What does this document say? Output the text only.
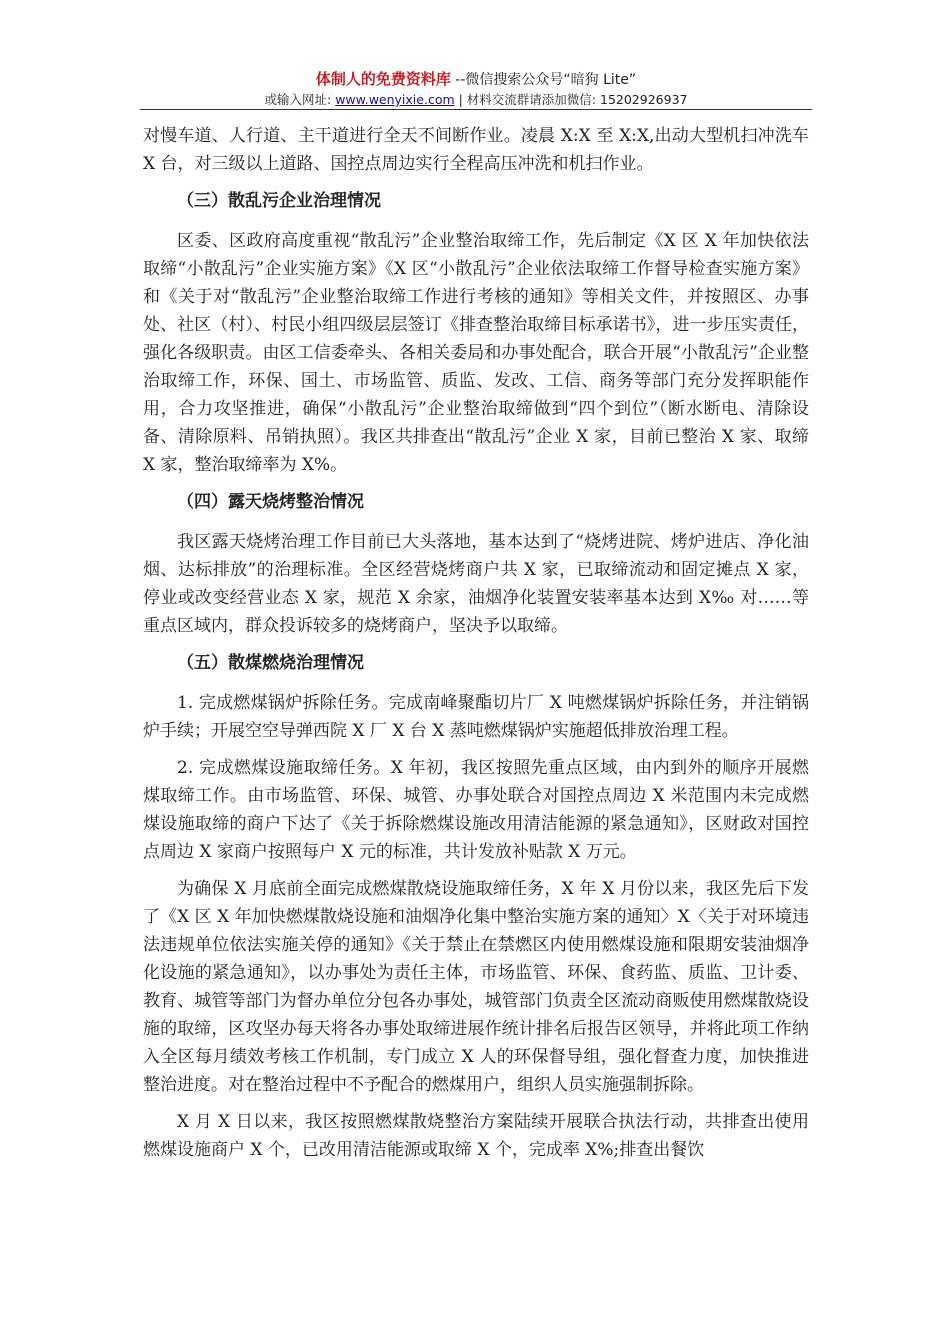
体制人的免费资料库 --微信搜索公众号“暗狗 Lite”
或输入网址: www.wenyixie.com | 材料交流群请添加微信: 15202926937

对慢车道、人行道、主干道进行全天不间断作业。凌晨 X:X 至 X:X,出动大型机扫冲洗车 X 台，对三级以上道路、国控点周边实行全程高压冲洗和机扫作业。

（三）散乱污企业治理情况

区委、区政府高度重视“散乱污”企业整治取缔工作，先后制定《X 区 X 年加快依法取缔“小散乱污”企业实施方案》《X 区“小散乱污”企业依法取缔工作督导检查实施方案》和《关于对“散乱污”企业整治取缔工作进行考核的通知》等相关文件，并按照区、办事处、社区（村）、村民小组四级层层签订《排查整治取缔目标承诺书》，进一步压实责任，强化各级职责。由区工信委牵头、各相关委局和办事处配合，联合开展“小散乱污”企业整治取缔工作，环保、国土、市场监管、质监、发改、工信、商务等部门充分发挥职能作用，合力攻坚推进，确保“小散乱污”企业整治取缔做到“四个到位”（断水断电、清除设备、清除原料、吊销执照）。我区共排查出“散乱污”企业 X 家，目前已整治 X 家、取缔 X 家，整治取缔率为 X%。

（四）露天烧烤整治情况

我区露天烧烤治理工作目前已大头落地，基本达到了“烧烤进院、烤炉进店、净化油烟、达标排放”的治理标准。全区经营烧烤商户共 X 家，已取缔流动和固定摊点 X 家，停业或改变经营业态 X 家，规范 X 余家，油烟净化装置安装率基本达到 X‰ 对……等重点区域内，群众投诉较多的烧烤商户，坚决予以取缔。

（五）散煤燃烧治理情况

1. 完成燃煤锅炉拆除任务。完成南峰聚酯切片厂 X 吨燃煤锅炉拆除任务，并注销锅炉手续；开展空空导弹西院 X 厂 X 台 X 蒸吨燃煤锅炉实施超低排放治理工程。

2. 完成燃煤设施取缔任务。X 年初，我区按照先重点区域，由内到外的顺序开展燃煤取缔工作。由市场监管、环保、城管、办事处联合对国控点周边 X 米范围内未完成燃煤设施取缔的商户下达了《关于拆除燃煤设施改用清洁能源的紧急通知》，区财政对国控点周边 X 家商户按照每户 X 元的标准，共计发放补贴款 X 万元。

为确保 X 月底前全面完成燃煤散烧设施取缔任务，X 年 X 月份以来，我区先后下发了《X 区 X 年加快燃煤散烧设施和油烟净化集中整治实施方案的通知〉X〈关于对环境违法违规单位依法实施关停的通知》《关于禁止在禁燃区内使用燃煤设施和限期安装油烟净化设施的紧急通知》，以办事处为责任主体，市场监管、环保、食药监、质监、卫计委、教育、城管等部门为督办单位分包各办事处，城管部门负责全区流动商贩使用燃煤散烧设施的取缔，区攻坚办每天将各办事处取缔进展作统计排名后报告区领导，并将此项工作纳入全区每月绩效考核工作机制，专门成立 X 人的环保督导组，强化督查力度，加快推进整治进度。对在整治过程中不予配合的燃煤用户，组织人员实施强制拆除。

X 月 X 日以来，我区按照燃煤散烧整治方案陆续开展联合执法行动，共排查出使用燃煤设施商户 X 个，已改用清洁能源或取缔 X 个，完成率 X%;排查出餐饮
